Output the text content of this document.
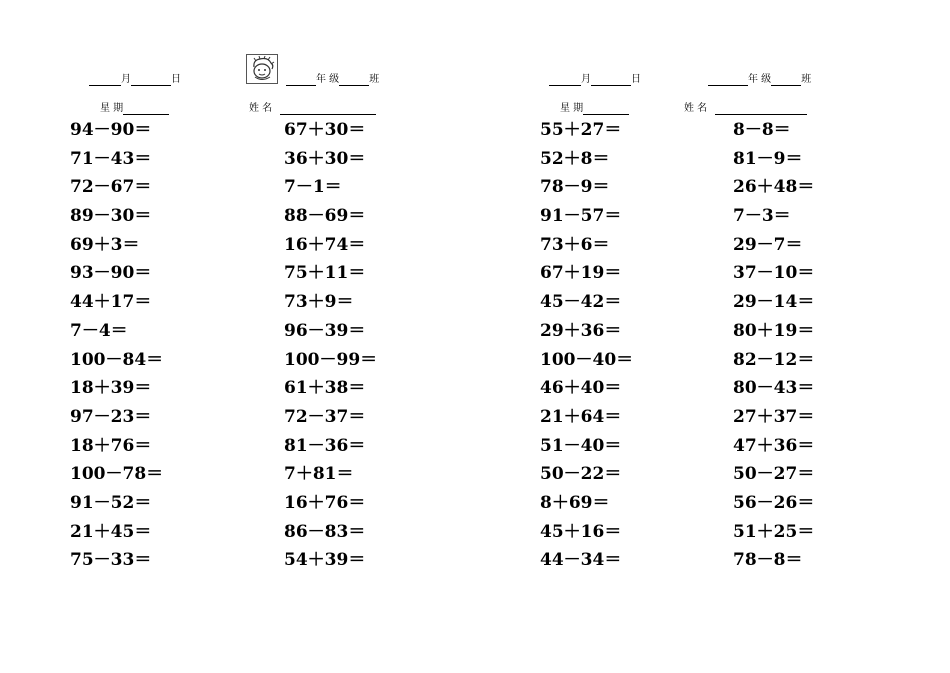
月	日
星 期
年 级	班
姓 名
月	日
星 期
年 级	班
姓 名
94－90＝
71－43＝
72－67＝
89－30＝
69＋3＝
93－90＝
44＋17＝
7－4＝
100－84＝
18＋39＝
97－23＝
18＋76＝
100－78＝
91－52＝
21＋45＝
75－33＝
67＋30＝
36＋30＝
7－1＝
88－69＝
16＋74＝
75＋11＝
73＋9＝
96－39＝
100－99＝
61＋38＝
72－37＝
81－36＝
7＋81＝
16＋76＝
86－83＝
54＋39＝
55＋27＝
52＋8＝
78－9＝
91－57＝
73＋6＝
67＋19＝
45－42＝
29＋36＝
100－40＝
46＋40＝
21＋64＝
51－40＝
50－22＝
8＋69＝
45＋16＝
44－34＝
8－8＝
81－9＝
26＋48＝
7－3＝
29－7＝
37－10＝
29－14＝
80＋19＝
82－12＝
80－43＝
27＋37＝
47＋36＝
50－27＝
56－26＝
51＋25＝
78－8＝
